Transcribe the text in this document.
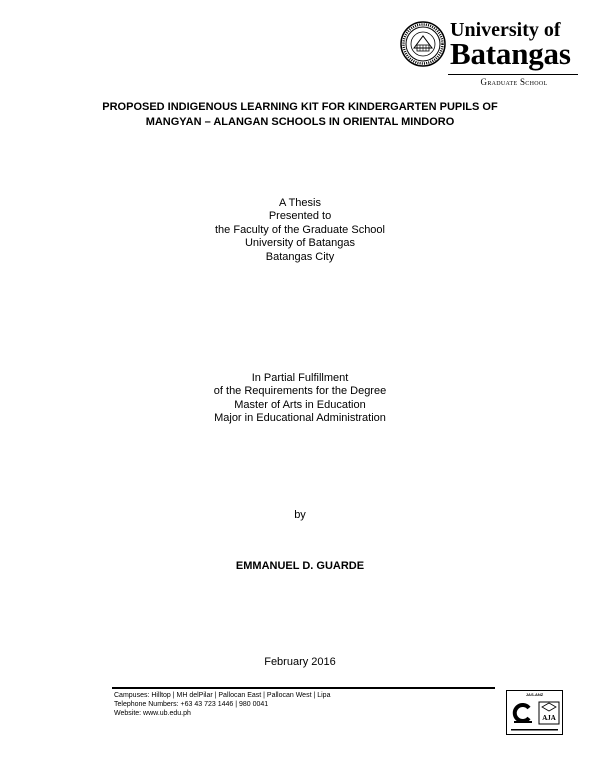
University of
Batangas
Graduate School
PROPOSED INDIGENOUS LEARNING KIT FOR KINDERGARTEN PUPILS OF
MANGYAN – ALANGAN SCHOOLS IN ORIENTAL MINDORO
A Thesis
Presented to
the Faculty of the Graduate School
University of Batangas
Batangas City
In Partial Fulfillment
of the Requirements for the Degree
Master of Arts in Education
Major in Educational Administration
by
EMMANUEL D. GUARDE
February 2016
Campuses: Hilltop | MH delPilar | Pallocan East | Pallocan West | Lipa
Telephone Numbers: +63 43 723 1446 | 980 0041
Website: www.ub.edu.ph
JAS-ANZ
AJA
